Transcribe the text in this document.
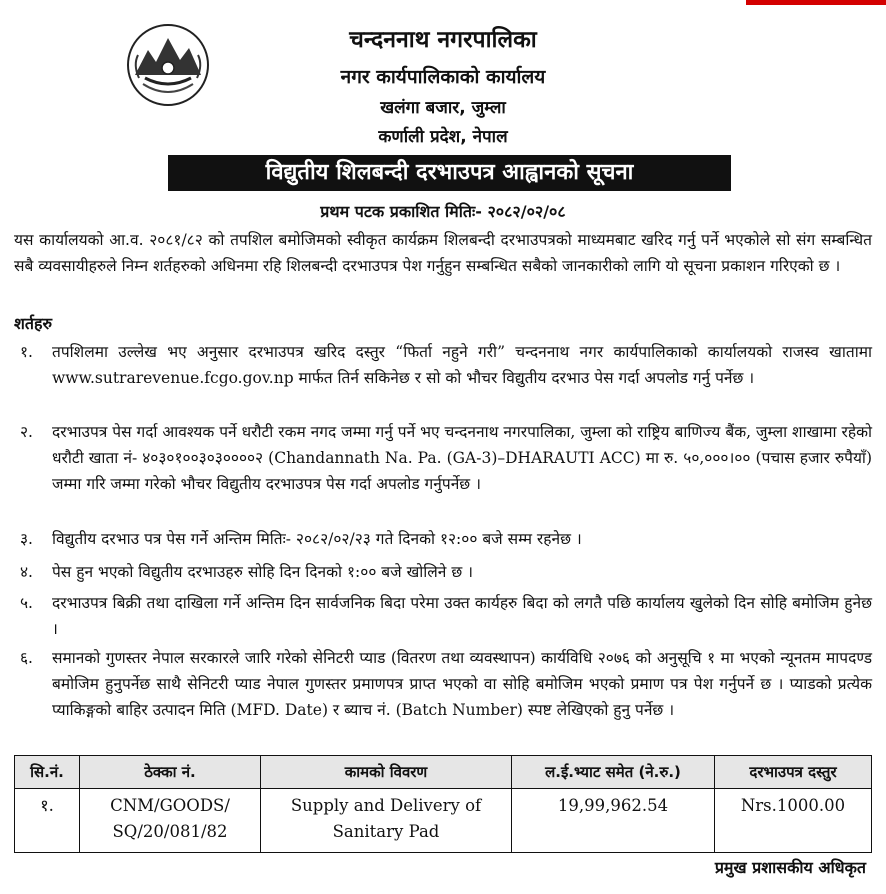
चन्दननाथ नगरपालिका
नगर कार्यपालिकाको कार्यालय
खलंगा बजार, जुम्ला
कर्णाली प्रदेश, नेपाल
विद्युतीय शिलबन्दी दरभाउपत्र आह्वानको सूचना
प्रथम पटक प्रकाशित मितिः- २०८२/०२/०८

यस कार्यालयको आ.व. २०८१/८२ को तपशिल बमोजिमको स्वीकृत कार्यक्रम शिलबन्दी दरभाउपत्रको माध्यमबाट खरिद गर्नु पर्ने भएकोले सो संग सम्बन्धित सबै व्यवसायीहरुले निम्न शर्तहरुको अधिनमा रहि शिलबन्दी दरभाउपत्र पेश गर्नुहुन सम्बन्धित सबैको जानकारीको लागि यो सूचना प्रकाशन गरिएको छ ।

शर्तहरु
१. तपशिलमा उल्लेख भए अनुसार दरभाउपत्र खरिद दस्तुर “फिर्ता नहुने गरी” चन्दननाथ नगर कार्यपालिकाको कार्यालयको राजस्व खातामा www.sutrarevenue.fcgo.gov.np मार्फत तिर्न सकिनेछ र सो को भौचर विद्युतीय दरभाउ पेस गर्दा अपलोड गर्नु पर्नेछ ।
२. दरभाउपत्र पेस गर्दा आवश्यक पर्ने धरौटी रकम नगद जम्मा गर्नु पर्ने भए चन्दननाथ नगरपालिका, जुम्ला को राष्ट्रिय बाणिज्य बैंक, जुम्ला शाखामा रहेको धरौटी खाता नं- ४०३०१००३०३००००२ (Chandannath Na. Pa. (GA-3)–DHARAUTI ACC) मा रु. ५०,०००।०० (पचास हजार रुपैयाँ) जम्मा गरि जम्मा गरेको भौचर विद्युतीय दरभाउपत्र पेस गर्दा अपलोड गर्नुपर्नेछ ।
३. विद्युतीय दरभाउ पत्र पेस गर्ने अन्तिम मितिः- २०८२/०२/२३ गते दिनको १२:०० बजे सम्म रहनेछ ।
४. पेस हुन भएको विद्युतीय दरभाउहरु सोहि दिन दिनको १:०० बजे खोलिने छ ।
५. दरभाउपत्र बिक्री तथा दाखिला गर्ने अन्तिम दिन सार्वजनिक बिदा परेमा उक्त कार्यहरु बिदा को लगतै पछि कार्यालय खुलेको दिन सोहि बमोजिम हुनेछ ।
६. समानको गुणस्तर नेपाल सरकारले जारि गरेको सेनिटरी प्याड (वितरण तथा व्यवस्थापन) कार्यविधि २०७६ को अनुसूचि १ मा भएको न्यूनतम मापदण्ड बमोजिम हुनुपर्नेछ साथै सेनिटरी प्याड नेपाल गुणस्तर प्रमाणपत्र प्राप्त भएको वा सोहि बमोजिम भएको प्रमाण पत्र पेश गर्नुपर्ने छ । प्याडको प्रत्येक प्याकिङ्गको बाहिर उत्पादन मिति (MFD. Date) र ब्याच नं. (Batch Number) स्पष्ट लेखिएको हुनु पर्नेछ ।
सि.नं.	ठेक्का नं.	कामको विवरण	ल.ई.भ्याट समेत (ने.रु.)	दरभाउपत्र दस्तुर
१.	CNM/GOODS/ SQ/20/081/82	Supply and Delivery of Sanitary Pad	19,99,962.54	Nrs.1000.00
प्रमुख प्रशासकीय अधिकृत
